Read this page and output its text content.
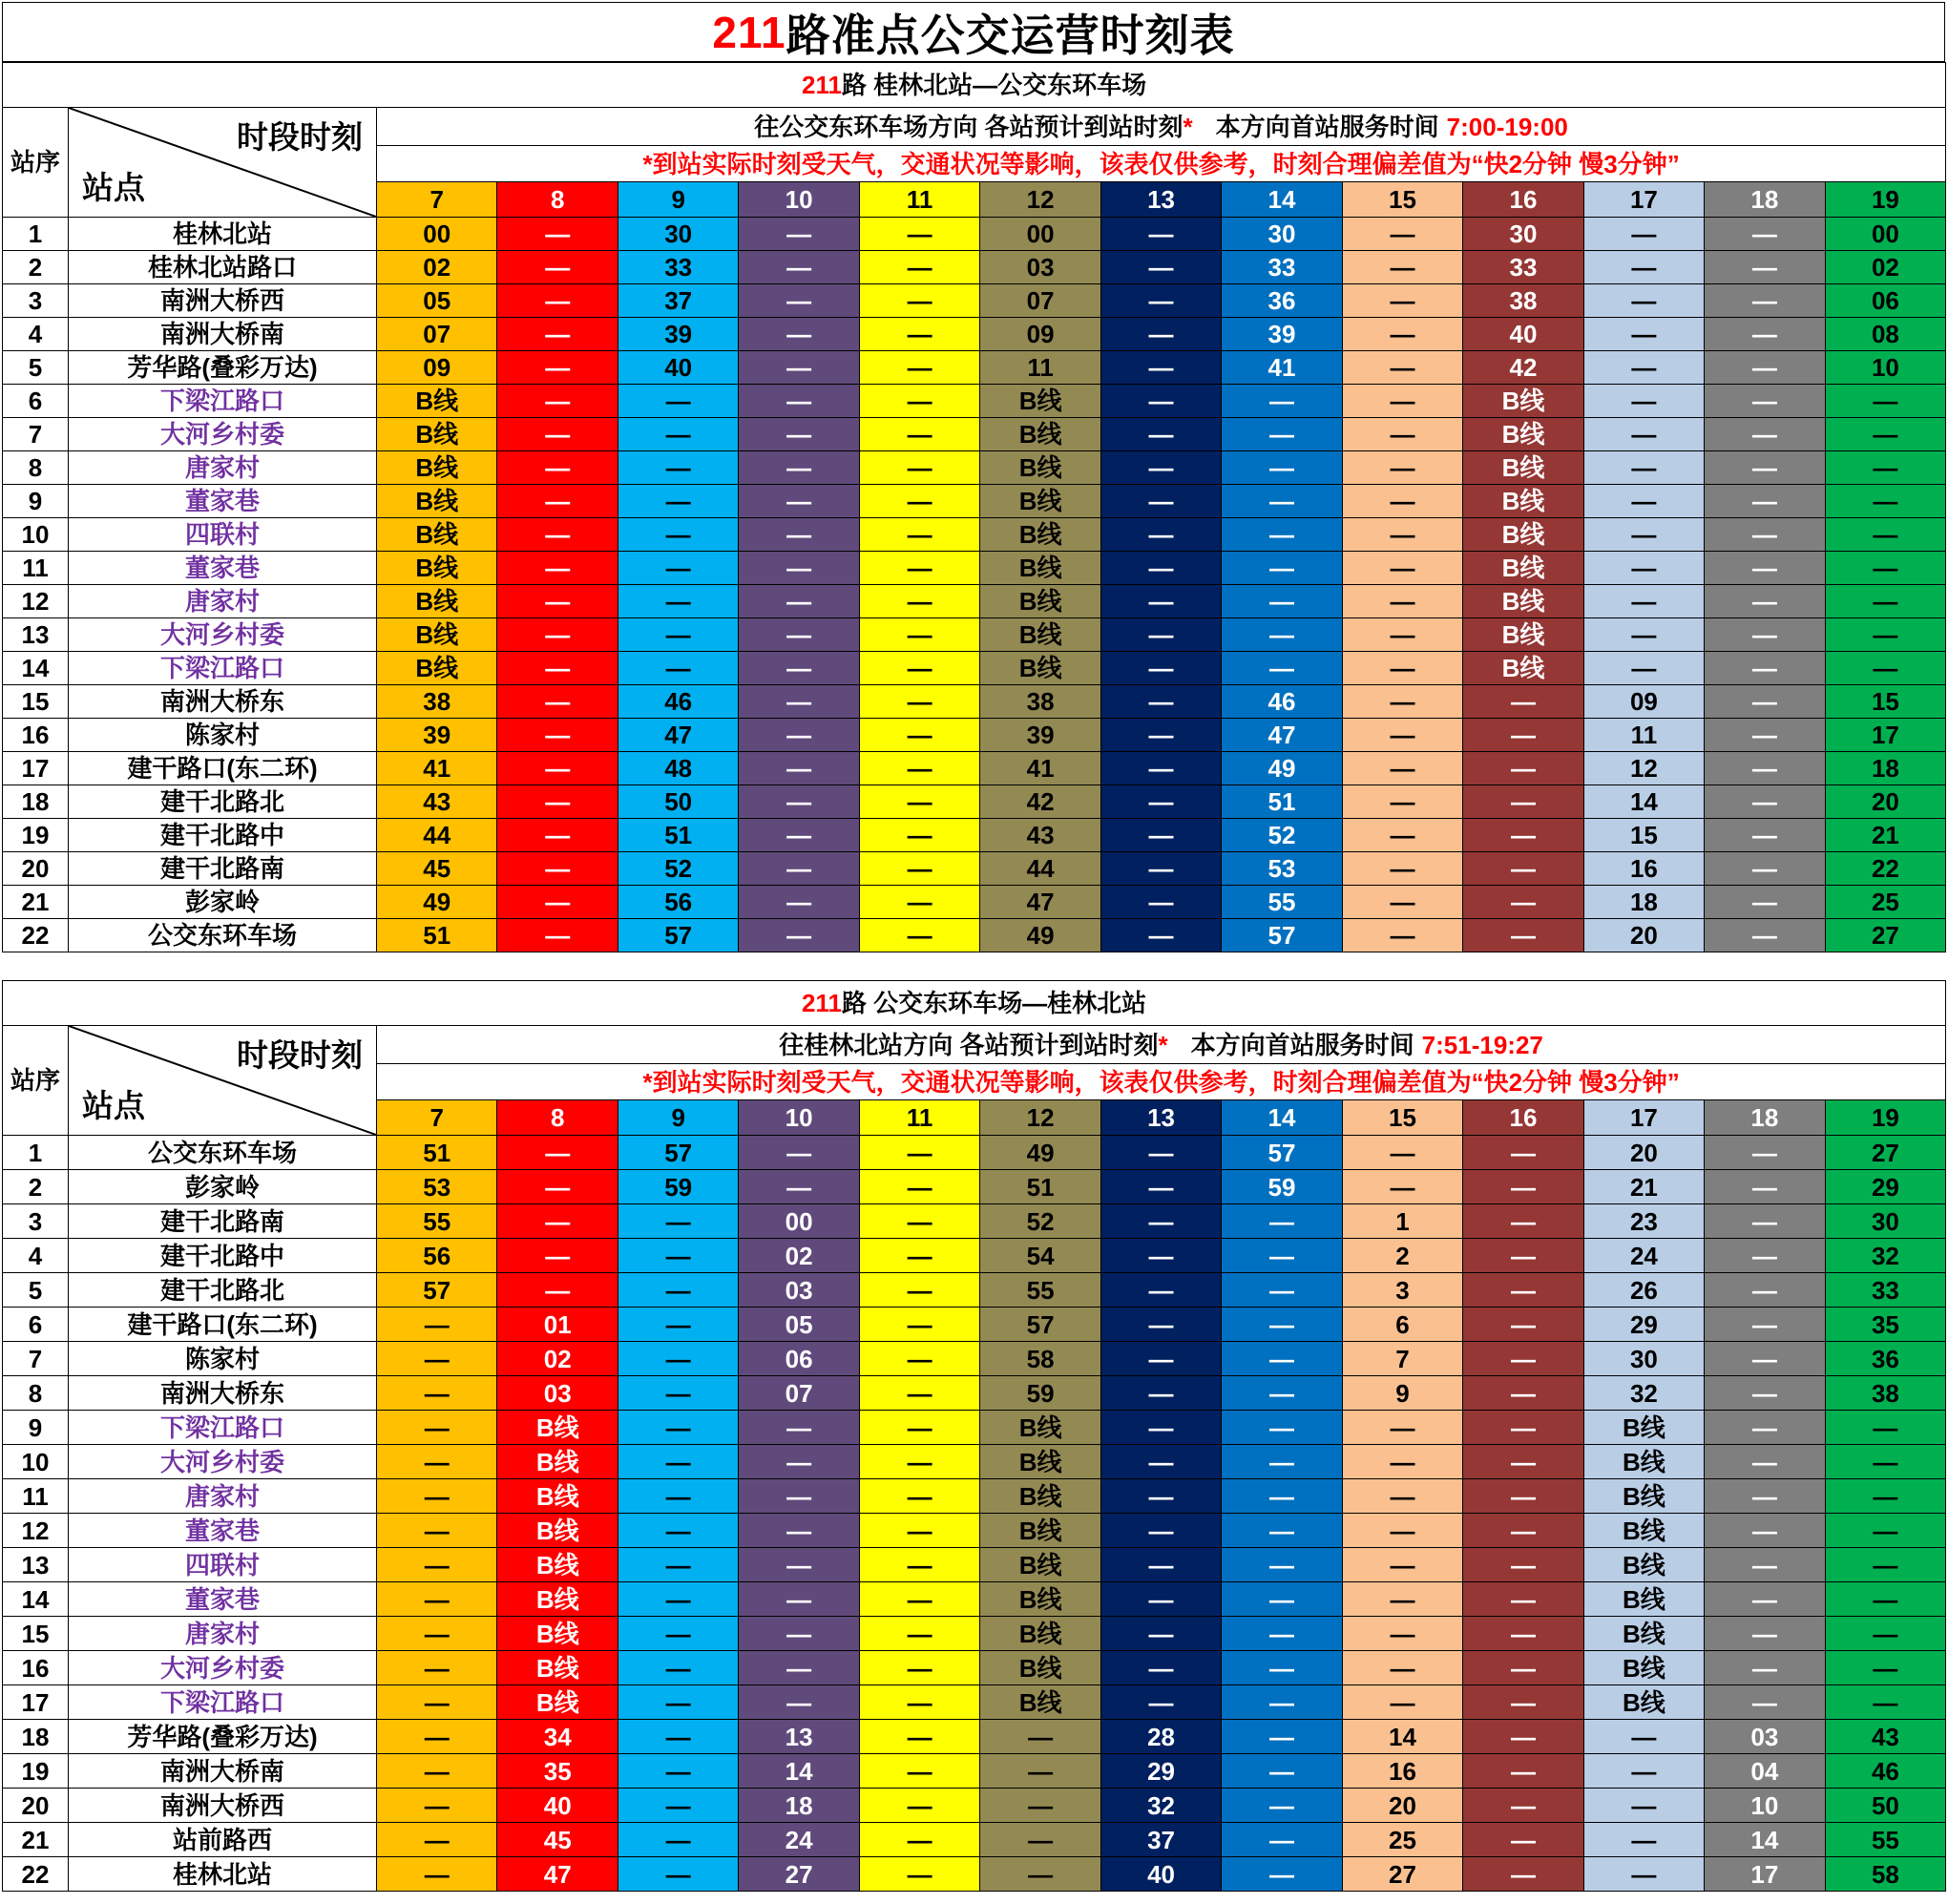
211 路准点公交运营时刻表
211路 桂林北站—公交东环车场														
站序	时段时刻
站点	往公交东环车场方向 各站预计到站时刻* 本方向首站服务时间 7:00-19:00												
		*到站实际时刻受天气，交通状况等影响，该表仅供参考，时刻合理偏差值为“快2分钟 慢3分钟”												
		7	8	9	10	11	12	13	14	15	16	17	18	19
1	桂林北站	00	—	30	—	—	00	—	30	—	30	—	—	00
2	桂林北站路口	02	—	33	—	—	03	—	33	—	33	—	—	02
3	南洲大桥西	05	—	37	—	—	07	—	36	—	38	—	—	06
4	南洲大桥南	07	—	39	—	—	09	—	39	—	40	—	—	08
5	芳华路(叠彩万达)	09	—	40	—	—	11	—	41	—	42	—	—	10
6	下梁江路口	B线	—	—	—	—	B线	—	—	—	B线	—	—	—
7	大河乡村委	B线	—	—	—	—	B线	—	—	—	B线	—	—	—
8	唐家村	B线	—	—	—	—	B线	—	—	—	B线	—	—	—
9	董家巷	B线	—	—	—	—	B线	—	—	—	B线	—	—	—
10	四联村	B线	—	—	—	—	B线	—	—	—	B线	—	—	—
11	董家巷	B线	—	—	—	—	B线	—	—	—	B线	—	—	—
12	唐家村	B线	—	—	—	—	B线	—	—	—	B线	—	—	—
13	大河乡村委	B线	—	—	—	—	B线	—	—	—	B线	—	—	—
14	下梁江路口	B线	—	—	—	—	B线	—	—	—	B线	—	—	—
15	南洲大桥东	38	—	46	—	—	38	—	46	—	—	09	—	15
16	陈家村	39	—	47	—	—	39	—	47	—	—	11	—	17
17	建干路口(东二环)	41	—	48	—	—	41	—	49	—	—	12	—	18
18	建干北路北	43	—	50	—	—	42	—	51	—	—	14	—	20
19	建干北路中	44	—	51	—	—	43	—	52	—	—	15	—	21
20	建干北路南	45	—	52	—	—	44	—	53	—	—	16	—	22
21	彭家岭	49	—	56	—	—	47	—	55	—	—	18	—	25
22	公交东环车场	51	—	57	—	—	49	—	57	—	—	20	—	27
211路 公交东环车场—桂林北站														
站序	时段时刻
站点	往桂林北站方向 各站预计到站时刻* 本方向首站服务时间 7:51-19:27												
		*到站实际时刻受天气，交通状况等影响，该表仅供参考，时刻合理偏差值为“快2分钟 慢3分钟”												
		7	8	9	10	11	12	13	14	15	16	17	18	19
1	公交东环车场	51	—	57	—	—	49	—	57	—	—	20	—	27
2	彭家岭	53	—	59	—	—	51	—	59	—	—	21	—	29
3	建干北路南	55	—	—	00	—	52	—	—	1	—	23	—	30
4	建干北路中	56	—	—	02	—	54	—	—	2	—	24	—	32
5	建干北路北	57	—	—	03	—	55	—	—	3	—	26	—	33
6	建干路口(东二环)	—	01	—	05	—	57	—	—	6	—	29	—	35
7	陈家村	—	02	—	06	—	58	—	—	7	—	30	—	36
8	南洲大桥东	—	03	—	07	—	59	—	—	9	—	32	—	38
9	下梁江路口	—	B线	—	—	—	B线	—	—	—	—	B线	—	—
10	大河乡村委	—	B线	—	—	—	B线	—	—	—	—	B线	—	—
11	唐家村	—	B线	—	—	—	B线	—	—	—	—	B线	—	—
12	董家巷	—	B线	—	—	—	B线	—	—	—	—	B线	—	—
13	四联村	—	B线	—	—	—	B线	—	—	—	—	B线	—	—
14	董家巷	—	B线	—	—	—	B线	—	—	—	—	B线	—	—
15	唐家村	—	B线	—	—	—	B线	—	—	—	—	B线	—	—
16	大河乡村委	—	B线	—	—	—	B线	—	—	—	—	B线	—	—
17	下梁江路口	—	B线	—	—	—	B线	—	—	—	—	B线	—	—
18	芳华路(叠彩万达)	—	34	—	13	—	—	28	—	14	—	—	03	43
19	南洲大桥南	—	35	—	14	—	—	29	—	16	—	—	04	46
20	南洲大桥西	—	40	—	18	—	—	32	—	20	—	—	10	50
21	站前路西	—	45	—	24	—	—	37	—	25	—	—	14	55
22	桂林北站	—	47	—	27	—	—	40	—	27	—	—	17	58
